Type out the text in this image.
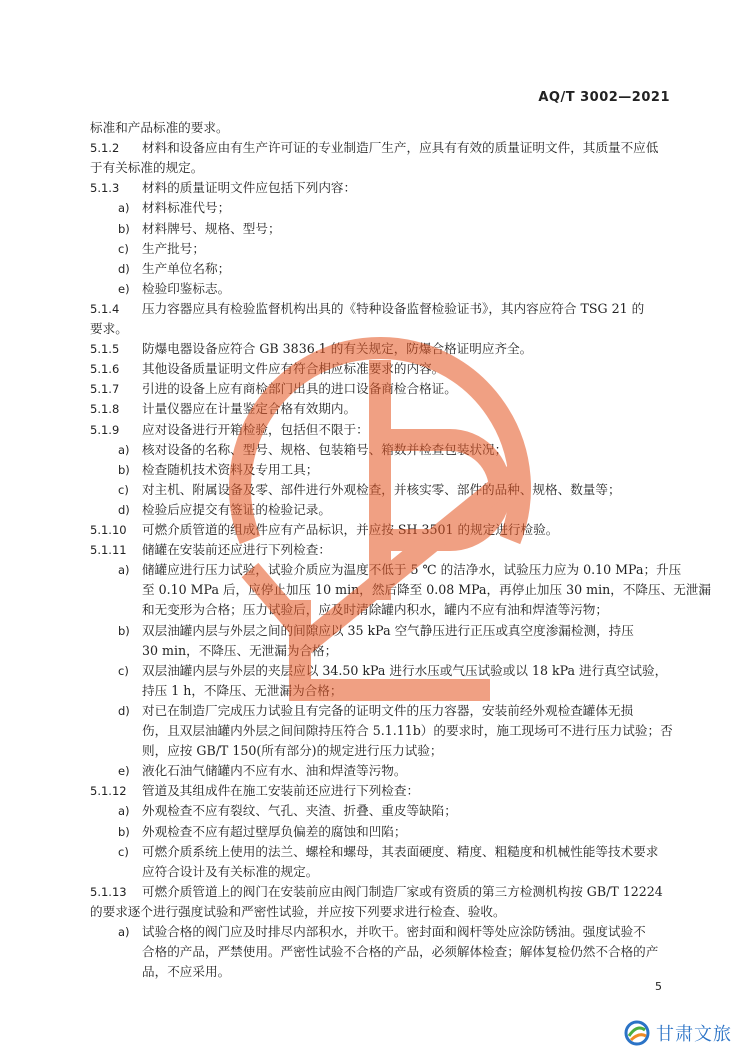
AQ/T 3002—2021
标准和产品标准的要求。
5.1.2 材料和设备应由有生产许可证的专业制造厂生产，应具有有效的质量证明文件，其质量不应低
于有关标准的规定。
5.1.3 材料的质量证明文件应包括下列内容：
a) 材料标准代号；
b) 材料牌号、规格、型号；
c) 生产批号；
d) 生产单位名称；
e) 检验印鉴标志。
5.1.4 压力容器应具有检验监督机构出具的《特种设备监督检验证书》，其内容应符合 TSG 21 的
要求。
5.1.5 防爆电器设备应符合 GB 3836.1 的有关规定，防爆合格证明应齐全。
5.1.6 其他设备质量证明文件应有符合相应标准要求的内容。
5.1.7 引进的设备上应有商检部门出具的进口设备商检合格证。
5.1.8 计量仪器应在计量鉴定合格有效期内。
5.1.9 应对设备进行开箱检验，包括但不限于：
a) 核对设备的名称、型号、规格、包装箱号、箱数并检查包装状况；
b) 检查随机技术资料及专用工具；
c) 对主机、附属设备及零、部件进行外观检查，并核实零、部件的品种、规格、数量等；
d) 检验后应提交有签证的检验记录。
5.1.10 可燃介质管道的组成件应有产品标识，并应按 SH 3501 的规定进行检验。
5.1.11 储罐在安装前还应进行下列检查：
a) 储罐应进行压力试验，试验介质应为温度不低于 5 ℃ 的洁净水，试验压力应为 0.10 MPa；升压
至 0.10 MPa 后，应停止加压 10 min，然后降至 0.08 MPa，再停止加压 30 min，不降压、无泄漏
和无变形为合格；压力试验后，应及时清除罐内积水，罐内不应有油和焊渣等污物；
b) 双层油罐内层与外层之间的间隙应以 35 kPa 空气静压进行正压或真空度渗漏检测，持压
30 min，不降压、无泄漏为合格；
c) 双层油罐内层与外层的夹层应以 34.50 kPa 进行水压或气压试验或以 18 kPa 进行真空试验，
持压 1 h，不降压、无泄漏为合格；
d) 对已在制造厂完成压力试验且有完备的证明文件的压力容器，安装前经外观检查罐体无损
伤，且双层油罐内外层之间间隙持压符合 5.1.11b）的要求时，施工现场可不进行压力试验；否
则，应按 GB/T 150(所有部分)的规定进行压力试验；
e) 液化石油气储罐内不应有水、油和焊渣等污物。
5.1.12 管道及其组成件在施工安装前还应进行下列检查：
a) 外观检查不应有裂纹、气孔、夹渣、折叠、重皮等缺陷；
b) 外观检查不应有超过壁厚负偏差的腐蚀和凹陷；
c) 可燃介质系统上使用的法兰、螺栓和螺母，其表面硬度、精度、粗糙度和机械性能等技术要求
应符合设计及有关标准的规定。
5.1.13 可燃介质管道上的阀门在安装前应由阀门制造厂家或有资质的第三方检测机构按 GB/T 12224
的要求逐个进行强度试验和严密性试验，并应按下列要求进行检查、验收。
a) 试验合格的阀门应及时排尽内部积水，并吹干。密封面和阀杆等处应涂防锈油。强度试验不
合格的产品，严禁使用。严密性试验不合格的产品，必须解体检查；解体复检仍然不合格的产
品，不应采用。
5
甘肃文旅
